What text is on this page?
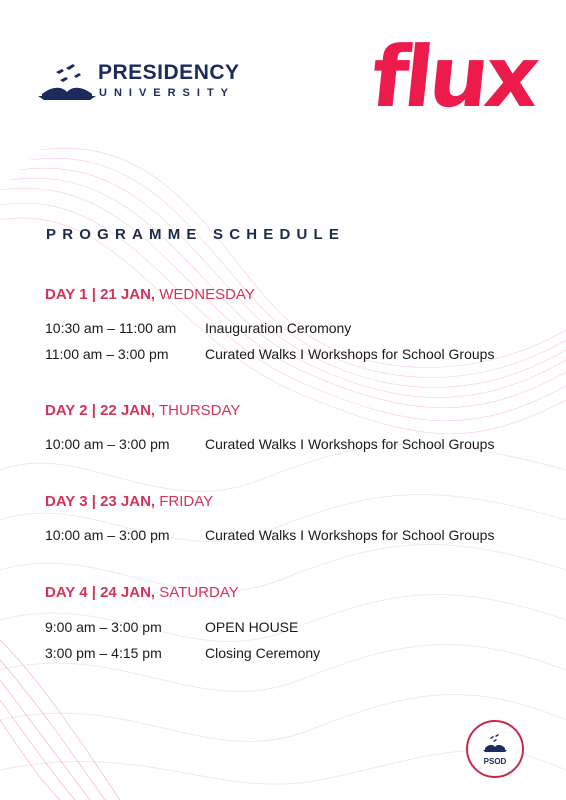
PRESIDENCY
UNIVERSITY flux
PROGRAMME SCHEDULE
DAY 1 | 21 JAN, WEDNESDAY
10:30 am – 11:00 am Inauguration Ceromony
11:00 am – 3:00 pm	Curated Walks I Workshops for School Groups
DAY 2 | 22 JAN, THURSDAY
10:00 am – 3:00 pm	Curated Walks I Workshops for School Groups
DAY 3 | 23 JAN, FRIDAY
10:00 am – 3:00 pm	Curated Walks I Workshops for School Groups
DAY 4 | 24 JAN, SATURDAY
9:00 am – 3:00 pm	OPEN HOUSE
3:00 pm – 4:15 pm	Closing Ceremony
PSOD
